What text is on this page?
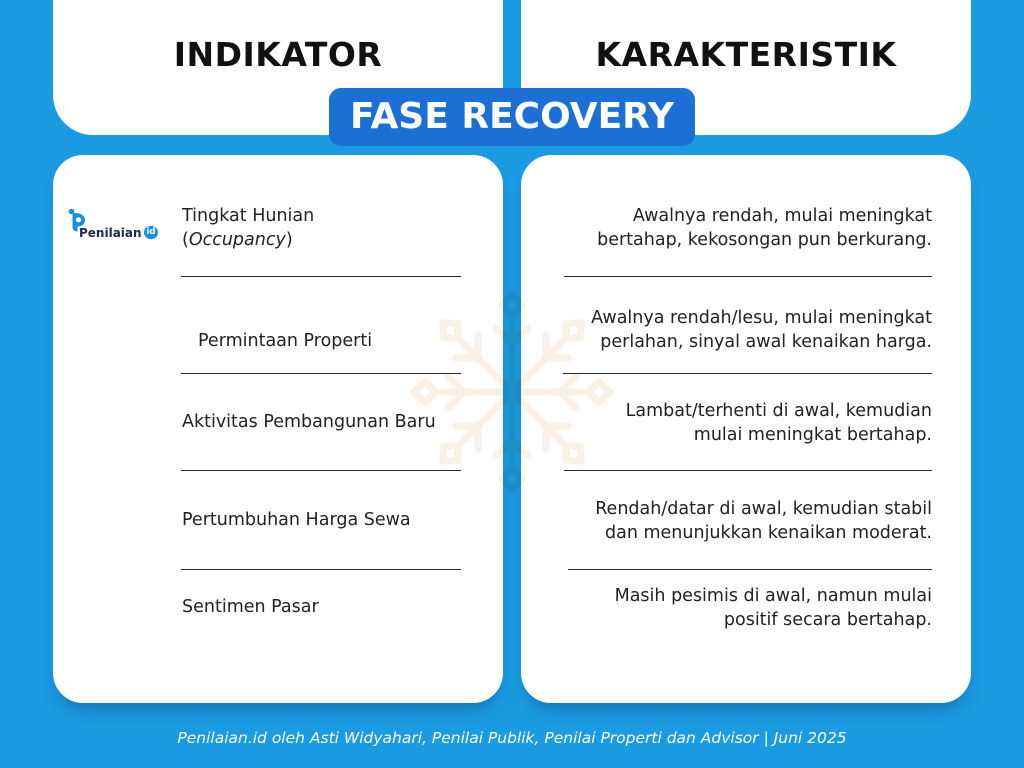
INDIKATOR	KARAKTERISTIK
FASE RECOVERY
Penilaian id
Tingkat Hunian
(Occupancy)
Permintaan Properti
Aktivitas Pembangunan Baru
Pertumbuhan Harga Sewa
Sentimen Pasar
Awalnya rendah, mulai meningkat
bertahap, kekosongan pun berkurang.
Awalnya rendah/lesu, mulai meningkat
perlahan, sinyal awal kenaikan harga.
Lambat/terhenti di awal, kemudian
mulai meningkat bertahap.
Rendah/datar di awal, kemudian stabil
dan menunjukkan kenaikan moderat.
Masih pesimis di awal, namun mulai
positif secara bertahap.
Penilaian.id oleh Asti Widyahari, Penilai Publik, Penilai Properti dan Advisor | Juni 2025
